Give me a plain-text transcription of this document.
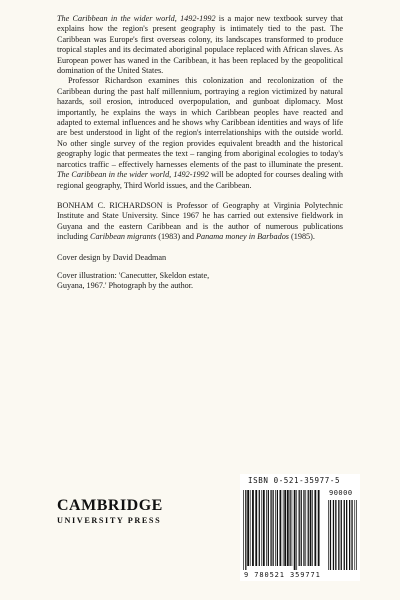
The Caribbean in the wider world, 1492-1992 is a major new textbook survey that explains how the region's present geography is intimately tied to the past. The Caribbean was Europe's first overseas colony, its landscapes transformed to produce tropical staples and its decimated aboriginal populace replaced with African slaves. As European power has waned in the Caribbean, it has been replaced by the geopolitical domination of the United States.

Professor Richardson examines this colonization and recolonization of the Caribbean during the past half millennium, portraying a region victimized by natural hazards, soil erosion, introduced overpopulation, and gunboat diplomacy. Most importantly, he explains the ways in which Caribbean peoples have reacted and adapted to external influences and he shows why Caribbean identities and ways of life are best understood in light of the region's interrelationships with the outside world. No other single survey of the region provides equivalent breadth and the historical geography logic that permeates the text – ranging from aboriginal ecologies to today's narcotics traffic – effectively harnesses elements of the past to illuminate the present. The Caribbean in the wider world, 1492-1992 will be adopted for courses dealing with regional geography, Third World issues, and the Caribbean.

BONHAM C. RICHARDSON is Professor of Geography at Virginia Polytechnic Institute and State University. Since 1967 he has carried out extensive fieldwork in Guyana and the eastern Caribbean and is the author of numerous publications including Caribbean migrants (1983) and Panama money in Barbados (1985).

Cover design by David Deadman

Cover illustration: 'Canecutter, Skeldon estate, Guyana, 1967.' Photograph by the author.

CAMBRIDGE
UNIVERSITY PRESS
ISBN 0-521-35977-5
90000
9 780521 359771
